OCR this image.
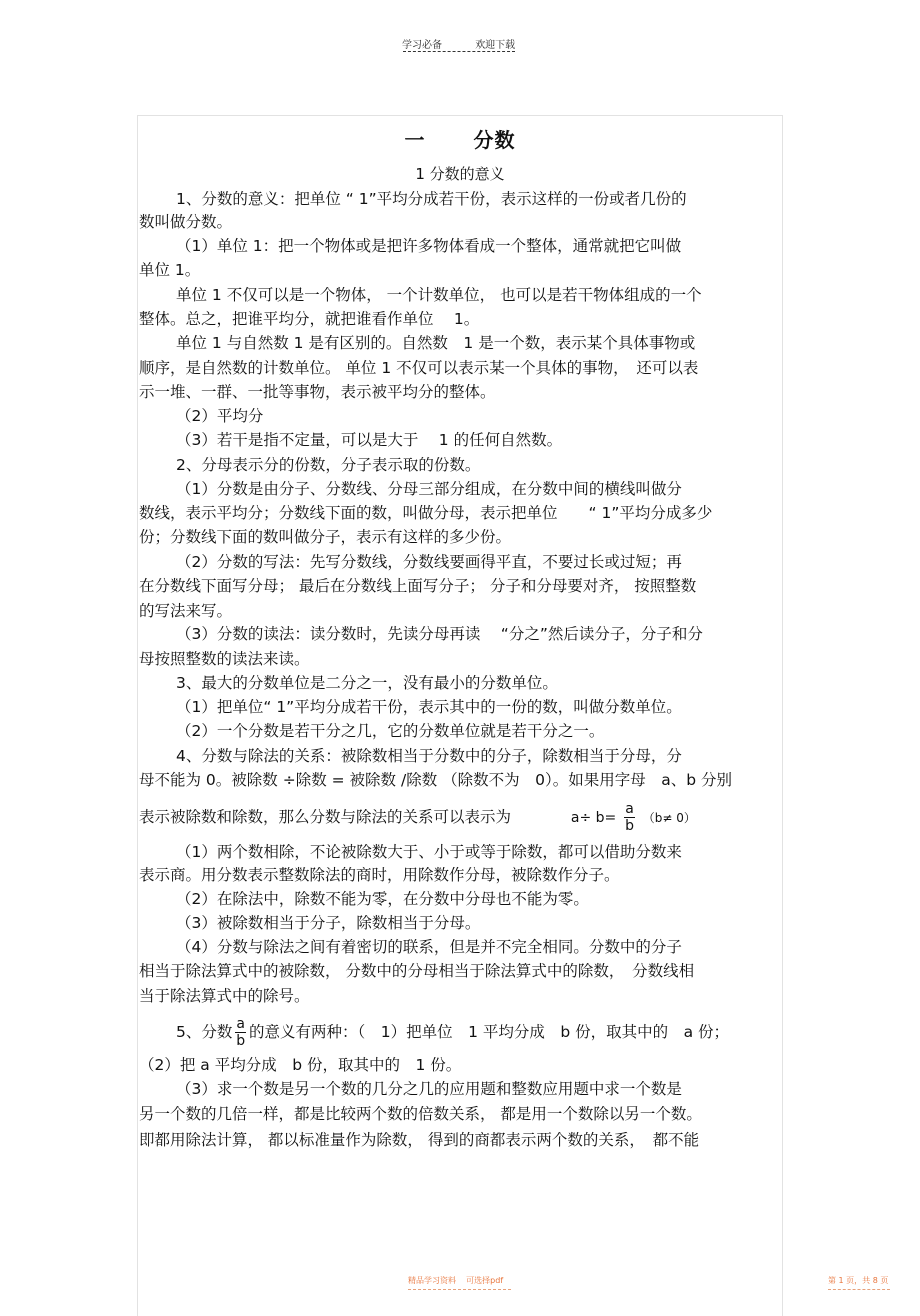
学习必备	欢迎下载
一 分数
1 分数的意义
表示被除数和除数，那么分数与除法的关系可以表示为	$a\div b= \frac{a}{b} (b\ne 0)$
5、分数 $\frac{a}{b}$ 的意义有两种：（　1）把单位　1 平均分成　b 份，取其中的　a 份；
1、分数的意义：把单位 “ 1”平均分成若干份，表示这样的一份或者几份的
数叫做分数。
（1）单位 1：把一个物体或是把许多物体看成一个整体，通常就把它叫做
单位 1。
单位 1 不仅可以是一个物体， 一个计数单位， 也可以是若干物体组成的一个
整体。总之，把谁平均分，就把谁看作单位　 1。
单位 1 与自然数 1 是有区别的。自然数　1 是一个数，表示某个具体事物或
顺序，是自然数的计数单位。 单位 1 不仅可以表示某一个具体的事物，　还可以表
示一堆、一群、一批等事物，表示被平均分的整体。
（2）平均分
（3）若干是指不定量，可以是大于　 1 的任何自然数。
2、分母表示分的份数，分子表示取的份数。
（1）分数是由分子、分数线、分母三部分组成，在分数中间的横线叫做分
数线，表示平均分；分数线下面的数，叫做分母，表示把单位　　“ 1”平均分成多少
份；分数线下面的数叫做分子，表示有这样的多少份。
（2）分数的写法：先写分数线，分数线要画得平直，不要过长或过短；再
在分数线下面写分母； 最后在分数线上面写分子； 分子和分母要对齐， 按照整数
的写法来写。
（3）分数的读法：读分数时，先读分母再读　 “分之”然后读分子，分子和分
母按照整数的读法来读。
3、最大的分数单位是二分之一，没有最小的分数单位。
（1）把单位“ 1”平均分成若干份，表示其中的一份的数，叫做分数单位。
（2）一个分数是若干分之几，它的分数单位就是若干分之一。
4、分数与除法的关系：被除数相当于分数中的分子，除数相当于分母，分
母不能为 0。被除数 ÷除数 = 被除数 /除数 （除数不为　0）。如果用字母　a、b 分别
（1）两个数相除，不论被除数大于、小于或等于除数，都可以借助分数来
表示商。用分数表示整数除法的商时，用除数作分母，被除数作分子。
（2）在除法中，除数不能为零，在分数中分母也不能为零。
（3）被除数相当于分子，除数相当于分母。
（4）分数与除法之间有着密切的联系，但是并不完全相同。分数中的分子
相当于除法算式中的被除数， 分数中的分母相当于除法算式中的除数，　分数线相
当于除法算式中的除号。
（2）把 a 平均分成　b 份，取其中的　1 份。
（3）求一个数是另一个数的几分之几的应用题和整数应用题中求一个数是
另一个数的几倍一样，都是比较两个数的倍数关系， 都是用一个数除以另一个数。
即都用除法计算， 都以标准量作为除数， 得到的商都表示两个数的关系，　都不能
精品学习资料 可选择pdf	第 1 页，共 8 页
